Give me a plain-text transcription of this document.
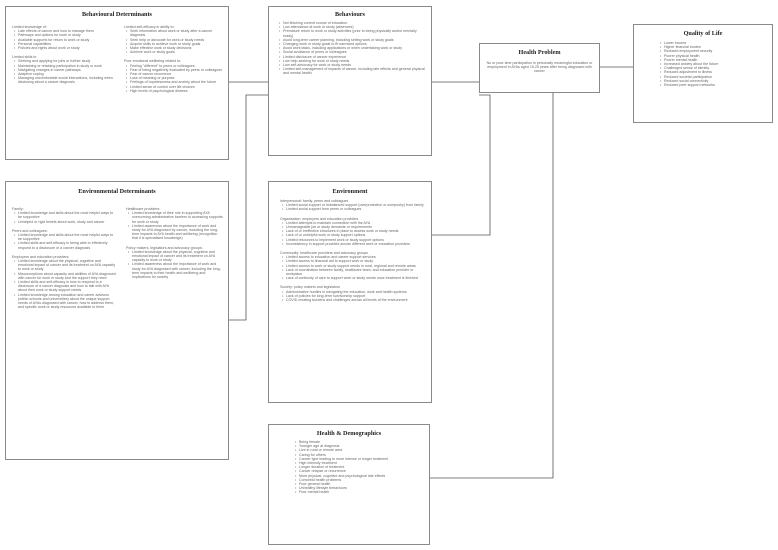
Behavioural Determinants

Limited knowledge of:

• Late effects of cancer and how to manage them
• Pathways and options for work or study
• Available supports for return to work or study
• Personal capabilities
• Policies and rights about work or study

Limited skills in:

• Seeking and applying for jobs or further study
• Maintaining or retaining participation in study or work
• Navigating changes in career pathways
• Adaptive coping
• Managing uncomfortable social interactions, including when disclosing about a cancer diagnosis

Limited self-efficacy in ability to:

• Seek information about work or study after a cancer diagnosis
• Seek help or advocate for work or study needs
• Acquire skills to achieve work or study goals
• Make effective work or study decisions
• Achieve work or study goals

Poor emotional wellbeing related to:

• Feeling "different" to peers or colleagues
• Fear of being negatively evaluated by peers or colleagues
• Fear of cancer recurrence
• Loss of meaning or purpose
• Feelings of hopelessness and anxiety about the future
• Limited sense of control over life choices
• High levels of psychological distress
Behaviours
• Not finishing current course of education
• Low attendance at work or study (absences)
• Premature return to work or study activities (prior to being physically and/or mentally ready)
• Avoid long-term career planning, including setting work or study goals
• Changing work or study goals to fit narrowed options
• Avoid work tasks, including applications or when undertaking work or study
• Social avoidance of peers or colleagues
• Limited disclosure of cancer experience
• Low help-seeking for work or study needs
• Low self-advocacy for work or study needs
• Limited self-management of impacts of cancer, including late effects and general physical and mental health
Health Problem

No or poor-time participation in personally meaningful education or employment in AYAs aged 15-25 years after being diagnosed with cancer

Quality of Life
• Lower income
• Higher financial burden
• Reduced employment security
• Poorer physical health
• Poorer mental health
• Increased anxiety about the future
• Challenged sense of identity
• Reduced adjustment to illness
• Reduced societal participation
• Reduced social connectivity
• Reduced peer support networks
Environmental Determinants

Family:

• Limited knowledge and skills about the most helpful ways to be supportive
• Unhelpful or rigid beliefs about work, study and cancer

Peers and colleagues:

• Limited knowledge and skills about the most helpful ways to be supportive
• Limited skills and self-efficacy in being able to effectively respond to a disclosure of a cancer diagnosis

Employers and education providers:

• Limited knowledge about the physical, cognitive and emotional impact of cancer and its treatment on AYA capacity to work or study
• Misconceptions about capacity and abilities of AYA diagnosed with cancer for work or study and the support they need
• Limited skills and self-efficacy in how to respond to a disclosure of a cancer diagnosis and how to talk with AYA about their work or study support needs
• Limited knowledge among education and career advisors (within schools and universities) about the unique support needs of AYAs diagnosed with cancer, how to address them, and specific work or study resources available to them

Healthcare providers:

• Limited knowledge of their role in supporting AYA overcoming administrative barriers to accessing supports for work or study
• Limited awareness about the importance of work and study for AYA diagnosed by cancer, including the long-term impacts to AYA health and wellbeing (recognition that it is specialised knowledge)

Policy makers, legislators and advocacy groups:

• Limited knowledge about the physical, cognitive and emotional impact of cancer and its treatment on AYA capacity to work or study
• Limited awareness about the importance of work and study for AYA diagnosed with cancer, including the long-term impacts to their health and wellbeing and implications for society
Environment

Interpersonal: family, peers and colleagues

• Limited social support or imbalanced support (overprotective or overpushy) from family
• Limited social support from peers or colleagues

Organisation: employers and education providers

• Limited attempts to maintain connection with the AYA
• Unmanageable job or study demands or requirements
• Lack of or ineffective structures in place to assess work or study needs
• Lack of or unhelpful work or study support options
• Limited resources to implement work or study support options
• Inconsistency in support provided across different work or education providers

Community: healthcare providers and advocacy groups

• Limited access to education and career support services
• Limited access to financial aid to support work or study
• Limited access to work or study support needs in rural, regional and remote areas
• Lack of coordination between family, healthcare team, and education provider or workplace
• Lack of continuity of care to support work or study needs once treatment is finished

Society: policy makers and legislators

• Administrative hurdles in navigating the education, work and health systems
• Lack of policies for long-term survivorship support
• COVID creating burdens and challenges across all levels of the environment
Health & Demographics
• Being female
• Younger age at diagnosis
• Live in rural or remote area
• Caring for others
• Cancer type leading to more intense or longer treatment
• High intensity treatment
• Longer duration of treatment
• Cancer relapse or recurrence
• More physical, cognitive and psychological late effects
• Comorbid health problems
• Poor general health
• Unhealthy lifestyle behaviours
• Poor mental health
